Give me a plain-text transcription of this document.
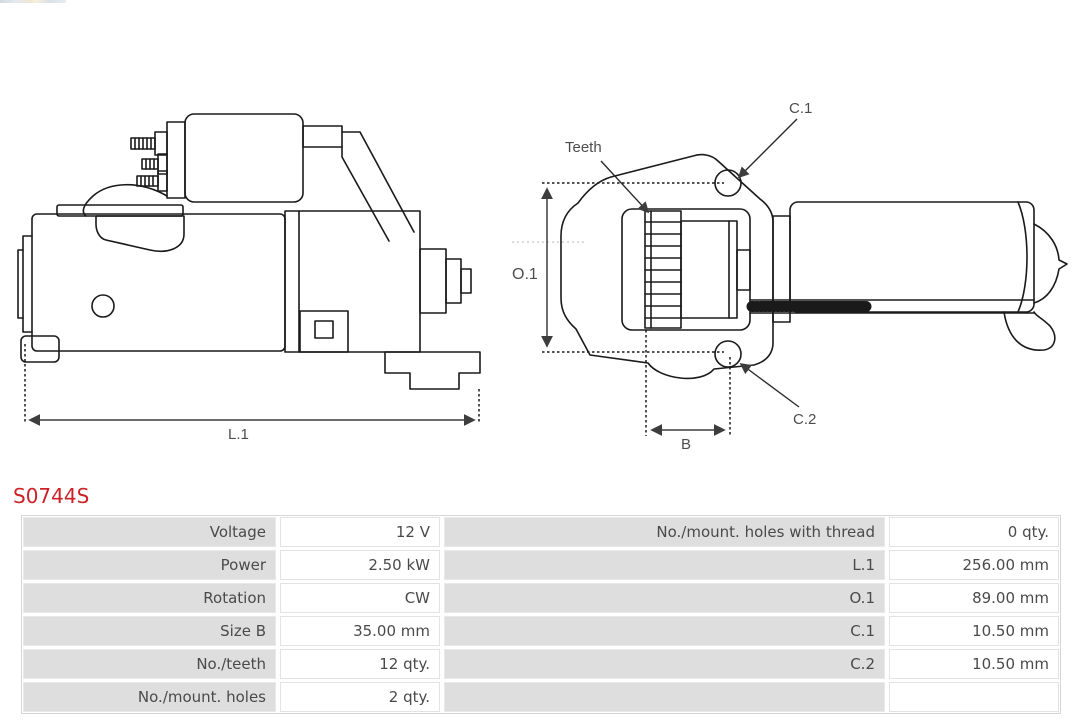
L.1
O.1
B
C.1
Teeth
C.2
S0744S
Voltage	12 V	No./mount. holes with thread	0 qty.
Power	2.50 kW	L.1	256.00 mm
Rotation	CW	O.1	89.00 mm
Size B	35.00 mm	C.1	10.50 mm
No./teeth	12 qty.	C.2	10.50 mm
No./mount. holes	2 qty.
